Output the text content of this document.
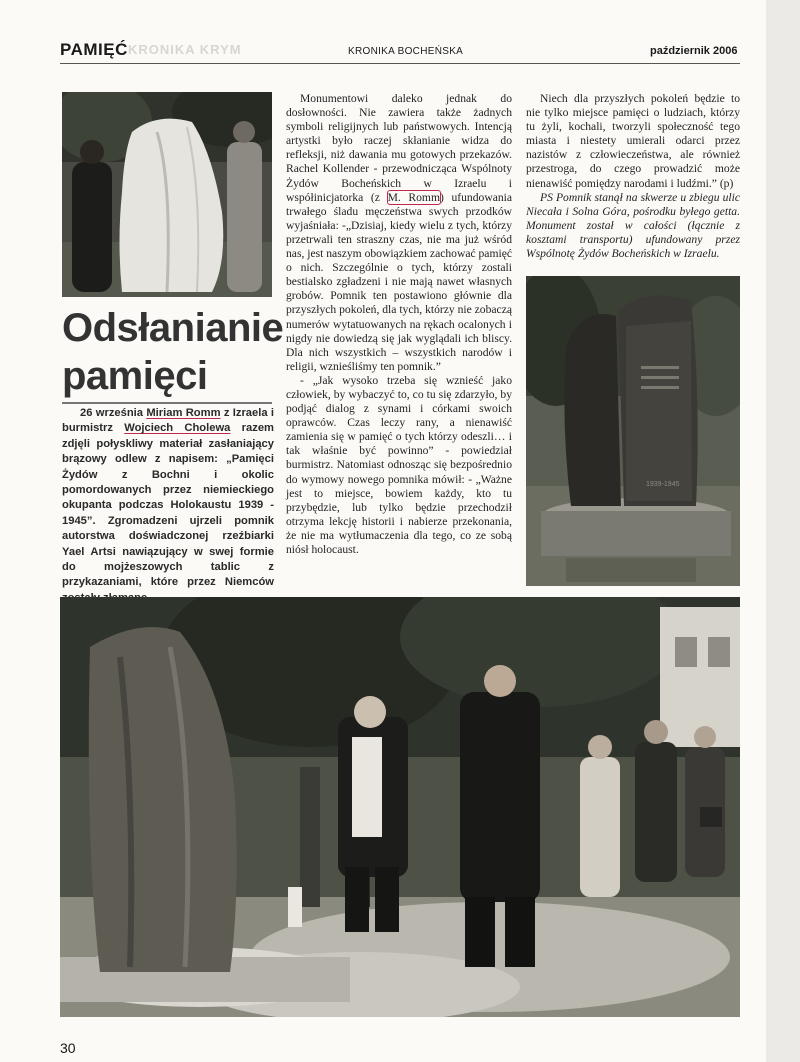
PAMIĘĆ KRONIKA KRYM	KRONIKA BOCHEŃSKA	październik 2006
Odsłanianie
pamięci

26 września Miriam Romm z Izraela i burmistrz Wojciech Cholewa razem zdjęli połyskliwy materiał zasłaniający brązowy odlew z napisem: „Pamięci Żydów z Bochni i okolic pomordowanych przez niemieckiego okupanta podczas Holokaustu 1939 - 1945”. Zgromadzeni ujrzeli pomnik autorstwa doświadczonej rzeźbiarki Yael Artsi nawiązujący w swej formie do mojżeszowych tablic z przykazaniami, które przez Niemców

Monumentowi daleko jednak do dosłowności. Nie zawiera także żadnych symboli religijnych lub państwowych. Intencją artystki było raczej skłanianie widza do refleksji, niż dawania mu gotowych przekazów. Rachel Kollender - przewodnicząca Wspólnoty Żydów Bocheńskich w Izraelu i współinicjatorka (z M. Romm) ufundowania trwałego śladu męczeństwa swych przodków wyjaśniała: -„Dzisiaj, kiedy wielu z tych, którzy przetrwali ten straszny czas, nie ma już wśród nas, jest naszym obowiązkiem zachować pamięć o nich. Szczególnie o tych, którzy zostali bestialsko zgładzeni i nie mają nawet własnych grobów. Pomnik ten postawiono głównie dla przyszłych pokoleń, dla tych, którzy nie zobaczą numerów wytatuowanych na rękach ocalonych i nigdy nie dowiedzą się jak wyglądali ich bliscy. Dla nich wszystkich – wszystkich narodów i religii, wznieśliśmy ten pomnik.”

- „Jak wysoko trzeba się wznieść jako człowiek, by wybaczyć to, co tu się zdarzyło, by podjąć dialog z synami i córkami swoich oprawców. Czas leczy rany, a nienawiść zamienia się w pamięć o tych którzy odeszli… i tak właśnie być powinno” - powiedział burmistrz. Natomiast odnosząc się bezpośrednio do wymowy nowego pomnika mówił: - „Ważne jest to miejsce, bowiem każdy, kto tu przybędzie, lub tylko będzie przechodził otrzyma lekcję historii i nabierze przekonania, że nie ma wytłumaczenia dla tego, co ze sobą niósł holocaust.

Niech dla przyszłych pokoleń będzie to nie tylko miejsce pamięci o ludziach, którzy tu żyli, kochali, tworzyli społeczność tego miasta i niestety umierali odarci przez nazistów z człowieczeństwa, ale również przestroga, do czego prowadzić może nienawiść pomiędzy narodami i ludźmi.” (p)

PS Pomnik stanął na skwerze u zbiegu ulic Niecała i Solna Góra, pośrodku byłego getta. Monument został w całości (łącznie z kosztami transportu) ufundowany przez Wspólnotę Żydów Bocheńskich w Izraelu.

1939-1945
30
